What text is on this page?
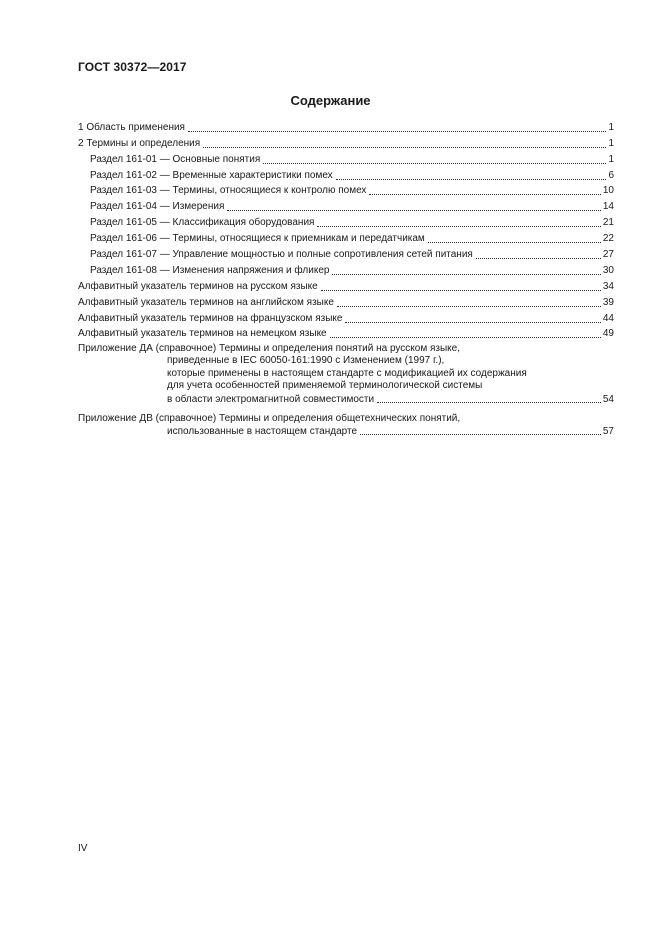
ГОСТ 30372—2017
Содержание
1 Область применения	1
2 Термины и определения	1
Раздел 161-01 — Основные понятия	1
Раздел 161-02 — Временные характеристики помех	6
Раздел 161-03 — Термины, относящиеся к контролю помех	10
Раздел 161-04 — Измерения	14
Раздел 161-05 — Классификация оборудования	21
Раздел 161-06 — Термины, относящиеся к приемникам и передатчикам	22
Раздел 161-07 — Управление мощностью и полные сопротивления сетей питания	27
Раздел 161-08 — Изменения напряжения и фликер	30
Алфавитный указатель терминов на русском языке	34
Алфавитный указатель терминов на английском языке	39
Алфавитный указатель терминов на французском языке	44
Алфавитный указатель терминов на немецком языке	49
Приложение ДА (справочное) Термины и определения понятий на русском языке,
приведенные в IEC 60050-161:1990 с Изменением (1997 г.),
которые применены в настоящем стандарте с модификацией их содержания
для учета особенностей применяемой терминологической системы
в области электромагнитной совместимости	54
Приложение ДВ (справочное) Термины и определения общетехнических понятий,
использованные в настоящем стандарте	57
IV
